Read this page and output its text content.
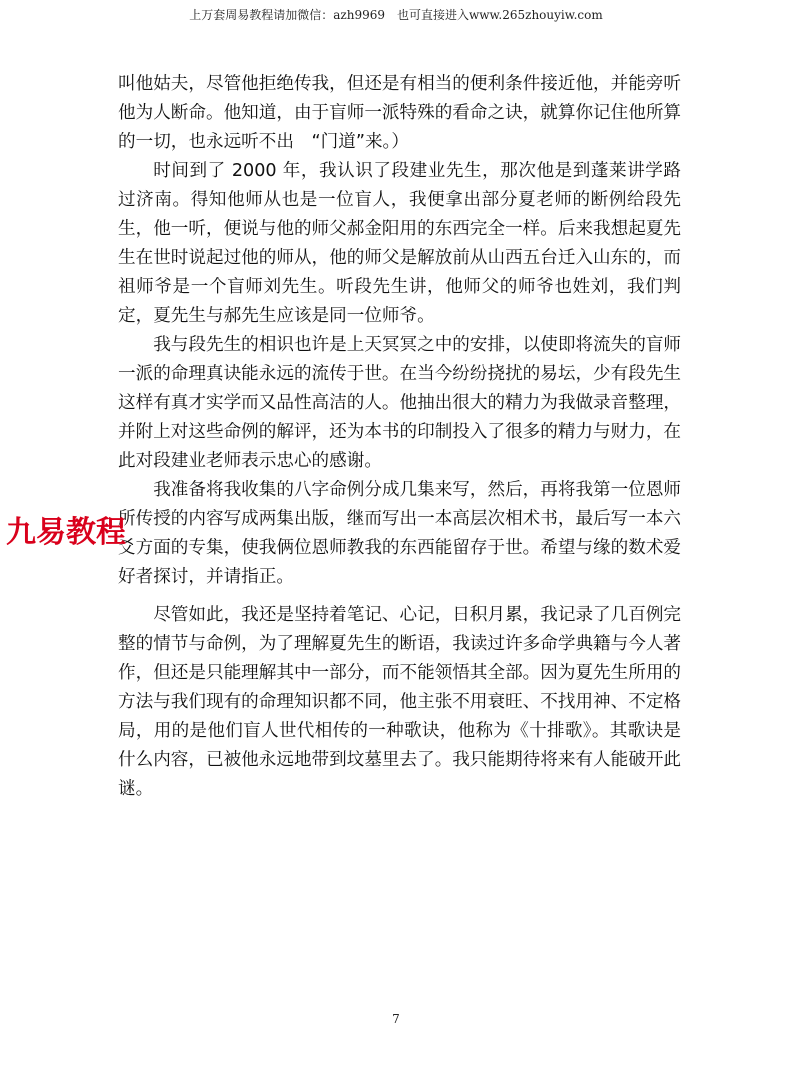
上万套周易教程请加微信：azh9969　也可直接进入www.265zhouyiw.com

叫他姑夫，尽管他拒绝传我，但还是有相当的便利条件接近他，并能旁听他为人断命。他知道，由于盲师一派特殊的看命之诀，就算你记住他所算的一切，也永远听不出　“门道”来。）

时间到了 2000 年，我认识了段建业先生，那次他是到蓬莱讲学路过济南。得知他师从也是一位盲人，我便拿出部分夏老师的断例给段先生，他一听，便说与他的师父郝金阳用的东西完全一样。后来我想起夏先生在世时说起过他的师从，他的师父是解放前从山西五台迁入山东的，而祖师爷是一个盲师刘先生。听段先生讲，他师父的师爷也姓刘，我们判定，夏先生与郝先生应该是同一位师爷。

我与段先生的相识也许是上天冥冥之中的安排，以使即将流失的盲师一派的命理真诀能永远的流传于世。在当今纷纷挠扰的易坛，少有段先生这样有真才实学而又品性高洁的人。他抽出很大的精力为我做录音整理，并附上对这些命例的解评，还为本书的印制投入了很多的精力与财力，在此对段建业老师表示忠心的感谢。

我准备将我收集的八字命例分成几集来写，然后，再将我第一位恩师所传授的内容写成两集出版，继而写出一本高层次相术书，最后写一本六爻方面的专集，使我俩位恩师教我的东西能留存于世。希望与缘的数术爱好者探讨，并请指正。

尽管如此，我还是坚持着笔记、心记，日积月累，我记录了几百例完整的情节与命例，为了理解夏先生的断语，我读过许多命学典籍与今人著作，但还是只能理解其中一部分，而不能领悟其全部。因为夏先生所用的方法与我们现有的命理知识都不同，他主张不用衰旺、不找用神、不定格局，用的是他们盲人世代相传的一种歌诀，他称为《十排歌》。其歌诀是什么内容，已被他永远地带到坟墓里去了。我只能期待将来有人能破开此谜。

九易教程
7
